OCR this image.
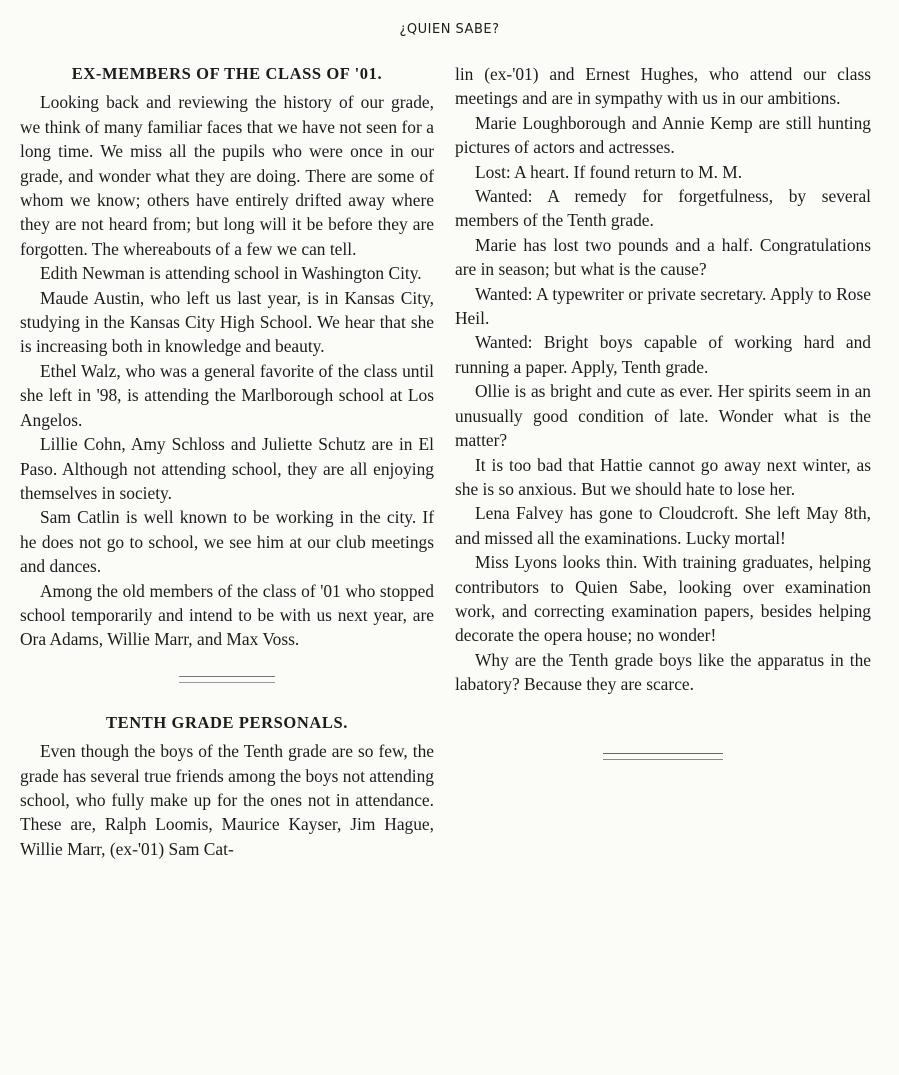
¿QUIEN SABE?
EX-MEMBERS OF THE CLASS OF '01.

Looking back and reviewing the history of our grade, we think of many familiar faces that we have not seen for a long time. We miss all the pupils who were once in our grade, and wonder what they are doing. There are some of whom we know; others have entirely drifted away where they are not heard from; but long will it be before they are forgotten. The whereabouts of a few we can tell.

Edith Newman is attending school in Washington City.

Maude Austin, who left us last year, is in Kansas City, studying in the Kansas City High School. We hear that she is increasing both in knowledge and beauty.

Ethel Walz, who was a general favorite of the class until she left in '98, is attending the Marlborough school at Los Angelos.

Lillie Cohn, Amy Schloss and Juliette Schutz are in El Paso. Although not attending school, they are all enjoying themselves in society.

Sam Catlin is well known to be working in the city. If he does not go to school, we see him at our club meetings and dances.

Among the old members of the class of '01 who stopped school temporarily and intend to be with us next year, are Ora Adams, Willie Marr, and Max Voss.

TENTH GRADE PERSONALS.

Even though the boys of the Tenth grade are so few, the grade has several true friends among the boys not attending school, who fully make up for the ones not in attendance. These are, Ralph Loomis, Maurice Kayser, Jim Hague, Willie Marr, (ex-'01) Sam Cat-

lin (ex-'01) and Ernest Hughes, who attend our class meetings and are in sympathy with us in our ambitions.

Marie Loughborough and Annie Kemp are still hunting pictures of actors and actresses.

Lost: A heart. If found return to M. M.

Wanted: A remedy for forgetfulness, by several members of the Tenth grade.

Marie has lost two pounds and a half. Congratulations are in season; but what is the cause?

Wanted: A typewriter or private secretary. Apply to Rose Heil.

Wanted: Bright boys capable of working hard and running a paper. Apply, Tenth grade.

Ollie is as bright and cute as ever. Her spirits seem in an unusually good condition of late. Wonder what is the matter?

It is too bad that Hattie cannot go away next winter, as she is so anxious. But we should hate to lose her.

Lena Falvey has gone to Cloudcroft. She left May 8th, and missed all the examinations. Lucky mortal!

Miss Lyons looks thin. With training graduates, helping contributors to Quien Sabe, looking over examination work, and correcting examination papers, besides helping decorate the opera house; no wonder!

Why are the Tenth grade boys like the apparatus in the labatory? Because they are scarce.
